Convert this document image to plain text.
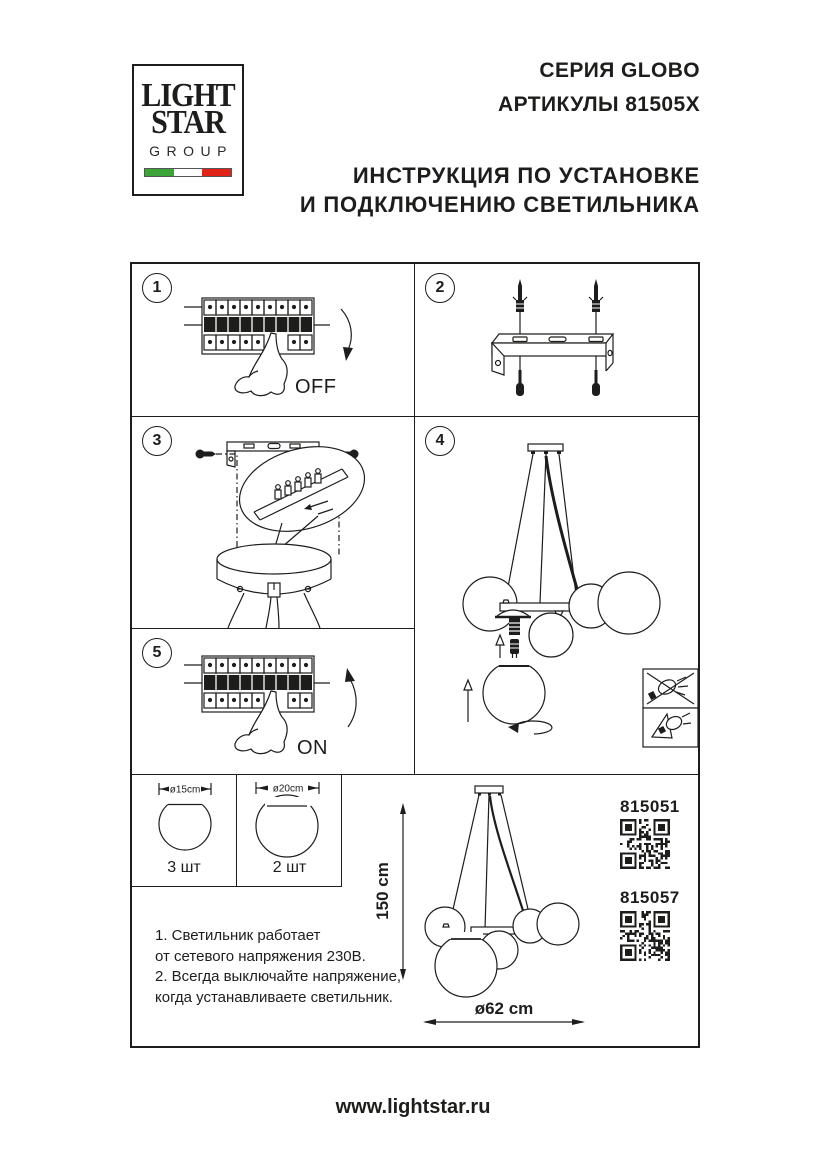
LIGHT
STAR
GROUP
СЕРИЯ GLOBO
АРТИКУЛЫ 81505X
ИНСТРУКЦИЯ ПО УСТАНОВКЕ
И ПОДКЛЮЧЕНИЮ СВЕТИЛЬНИКА
1
OFF
2
3	4
5
ON
ø15cm
3 шт
ø20cm
2 шт
1. Светильник работает
от сетевого напряжения 230В.
2. Всегда выключайте напряжение,
когда устанавливаете светильник.
150 cm
ø62 cm
815051
815057
www.lightstar.ru
